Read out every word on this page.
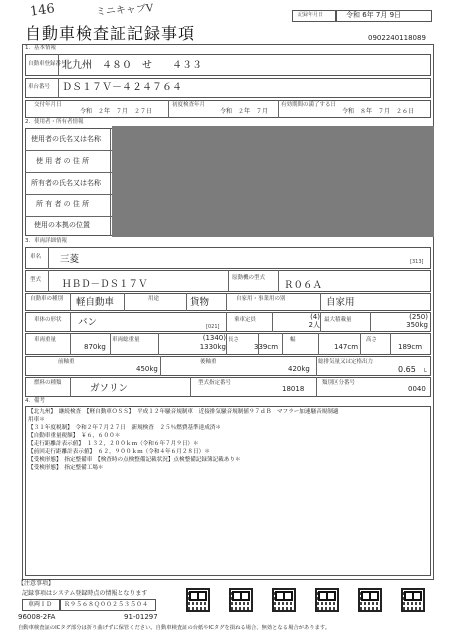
146	ミニキャブV	記録年月日	令和 6年 7月 9日
自動車検査証記録事項	0902240118089
1．基本情報
自動車登録番号
北九州　４８０　せ　　４３３
車台番号 ＤＳ１７Ｖ－４２４７６４
交付年月日
令和　２年　７月　２７日
初度検査年月
令和　２年　７月
有効期間の満了する日
令和　８年　７月　２６日
2．使用者・所有者情報
使用者の氏名又は名称
使 用 者 の 住 所
所有者の氏名又は名称
所 有 者 の 住 所
使用の本拠の位置
3．車両詳細情報
車名 三菱	[313]
型式 ＨＢＤ－ＤＳ１７Ｖ
原動機の型式
Ｒ０６Ａ
自動車の種別 軽自動車	用途	貨物	自家用・事業用の別	自家用
車体の形状 バン	[021]
乗車定員	(4)
2人
最大積載量	(250)
350kg
車両重量
870kg
車両総重量	(1340)
1330kg
長さ
339cm
幅
147cm
高さ
189cm
前軸重
450kg
後軸重
420kg
総排気量又は定格出力
0.65 L
燃料の種類	ガソリン	型式指定番号
18018
類別区分番号
0040
4．備考
【北九州】　継続検査　【軽自動車ＯＳＳ】　平成１２年騒音規制車　近接排気騒音規制値９７ｄＢ　マフラー加速騒音規制適
用車＊
【３１年度税制】　令和２年７月２７日　新規検査　２５％燃費基準達成済＊
【自動車重量税額】　￥６，６００＊
【走行距離計表示値】　１３２，２００ｋｍ（令和６年７月９日）＊
【前回走行距離計表示値】　６２，９００ｋｍ（令和４年６月２８日）＊
【受検形態】　指定整備車　【検査時の点検整備記載状況】点検整備記録簿記載あり＊
【受検形態】　指定整備工場＊
【注意事項】
記録事項はシステム登録時点の情報となります
車両ＩＤ Ｒ９５６８Ｑ００２５３５０４
96008-2FA	91-01297
自動車検査証のICタグ部分は折り曲げずに保管ください。自動車検査証の台紙やICタグを損ねる場合、無効となる場合があります。
